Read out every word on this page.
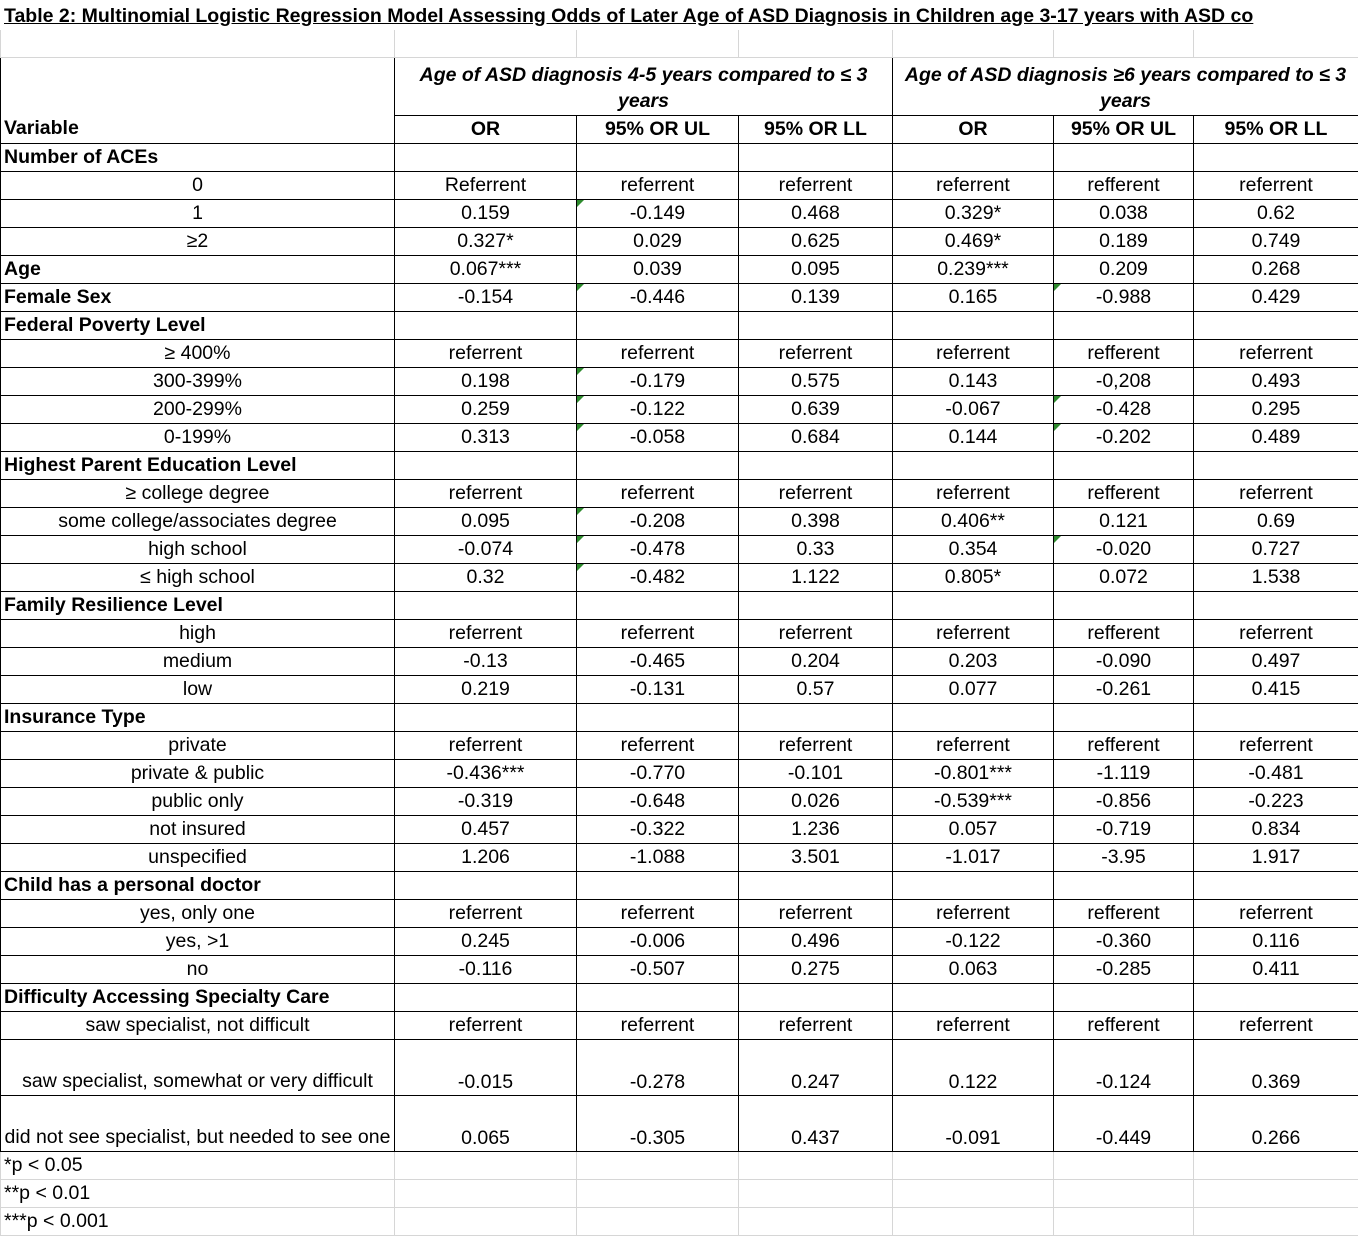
Table 2: Multinomial Logistic Regression Model Assessing Odds of Later Age of ASD Diagnosis in Children age 3-17 years with ASD co

	Age of ASD diagnosis 4-5 years compared to ≤ 3 years			Age of ASD diagnosis ≥6 years compared to ≤ 3 years		
Variable	OR	95% OR UL	95% OR LL	OR	95% OR UL	95% OR LL
Number of ACEs						
0	Referrent	referrent	referrent	referrent	refferent	referrent
1	0.159	-0.149	0.468	0.329*	0.038	0.62
≥2	0.327*	0.029	0.625	0.469*	0.189	0.749
Age	0.067***	0.039	0.095	0.239***	0.209	0.268
Female Sex	-0.154	-0.446	0.139	0.165	-0.988	0.429
Federal Poverty Level						
≥ 400%	referrent	referrent	referrent	referrent	refferent	referrent
300-399%	0.198	-0.179	0.575	0.143	-0,208	0.493
200-299%	0.259	-0.122	0.639	-0.067	-0.428	0.295
0-199%	0.313	-0.058	0.684	0.144	-0.202	0.489
Highest Parent Education Level						
≥ college degree	referrent	referrent	referrent	referrent	refferent	referrent
some college/associates degree	0.095	-0.208	0.398	0.406**	0.121	0.69
high school	-0.074	-0.478	0.33	0.354	-0.020	0.727
≤ high school	0.32	-0.482	1.122	0.805*	0.072	1.538
Family Resilience Level						
high	referrent	referrent	referrent	referrent	refferent	referrent
medium	-0.13	-0.465	0.204	0.203	-0.090	0.497
low	0.219	-0.131	0.57	0.077	-0.261	0.415
Insurance Type						
private	referrent	referrent	referrent	referrent	refferent	referrent
private & public	-0.436***	-0.770	-0.101	-0.801***	-1.119	-0.481
public only	-0.319	-0.648	0.026	-0.539***	-0.856	-0.223
not insured	0.457	-0.322	1.236	0.057	-0.719	0.834
unspecified	1.206	-1.088	3.501	-1.017	-3.95	1.917
Child has a personal doctor						
yes, only one	referrent	referrent	referrent	referrent	refferent	referrent
yes, >1	0.245	-0.006	0.496	-0.122	-0.360	0.116
no	-0.116	-0.507	0.275	0.063	-0.285	0.411
Difficulty Accessing Specialty Care						
saw specialist, not difficult	referrent	referrent	referrent	referrent	refferent	referrent
saw specialist, somewhat or very difficult	-0.015	-0.278	0.247	0.122	-0.124	0.369
did not see specialist, but needed to see one	0.065	-0.305	0.437	-0.091	-0.449	0.266
*p < 0.05						
**p < 0.01						
***p < 0.001						
